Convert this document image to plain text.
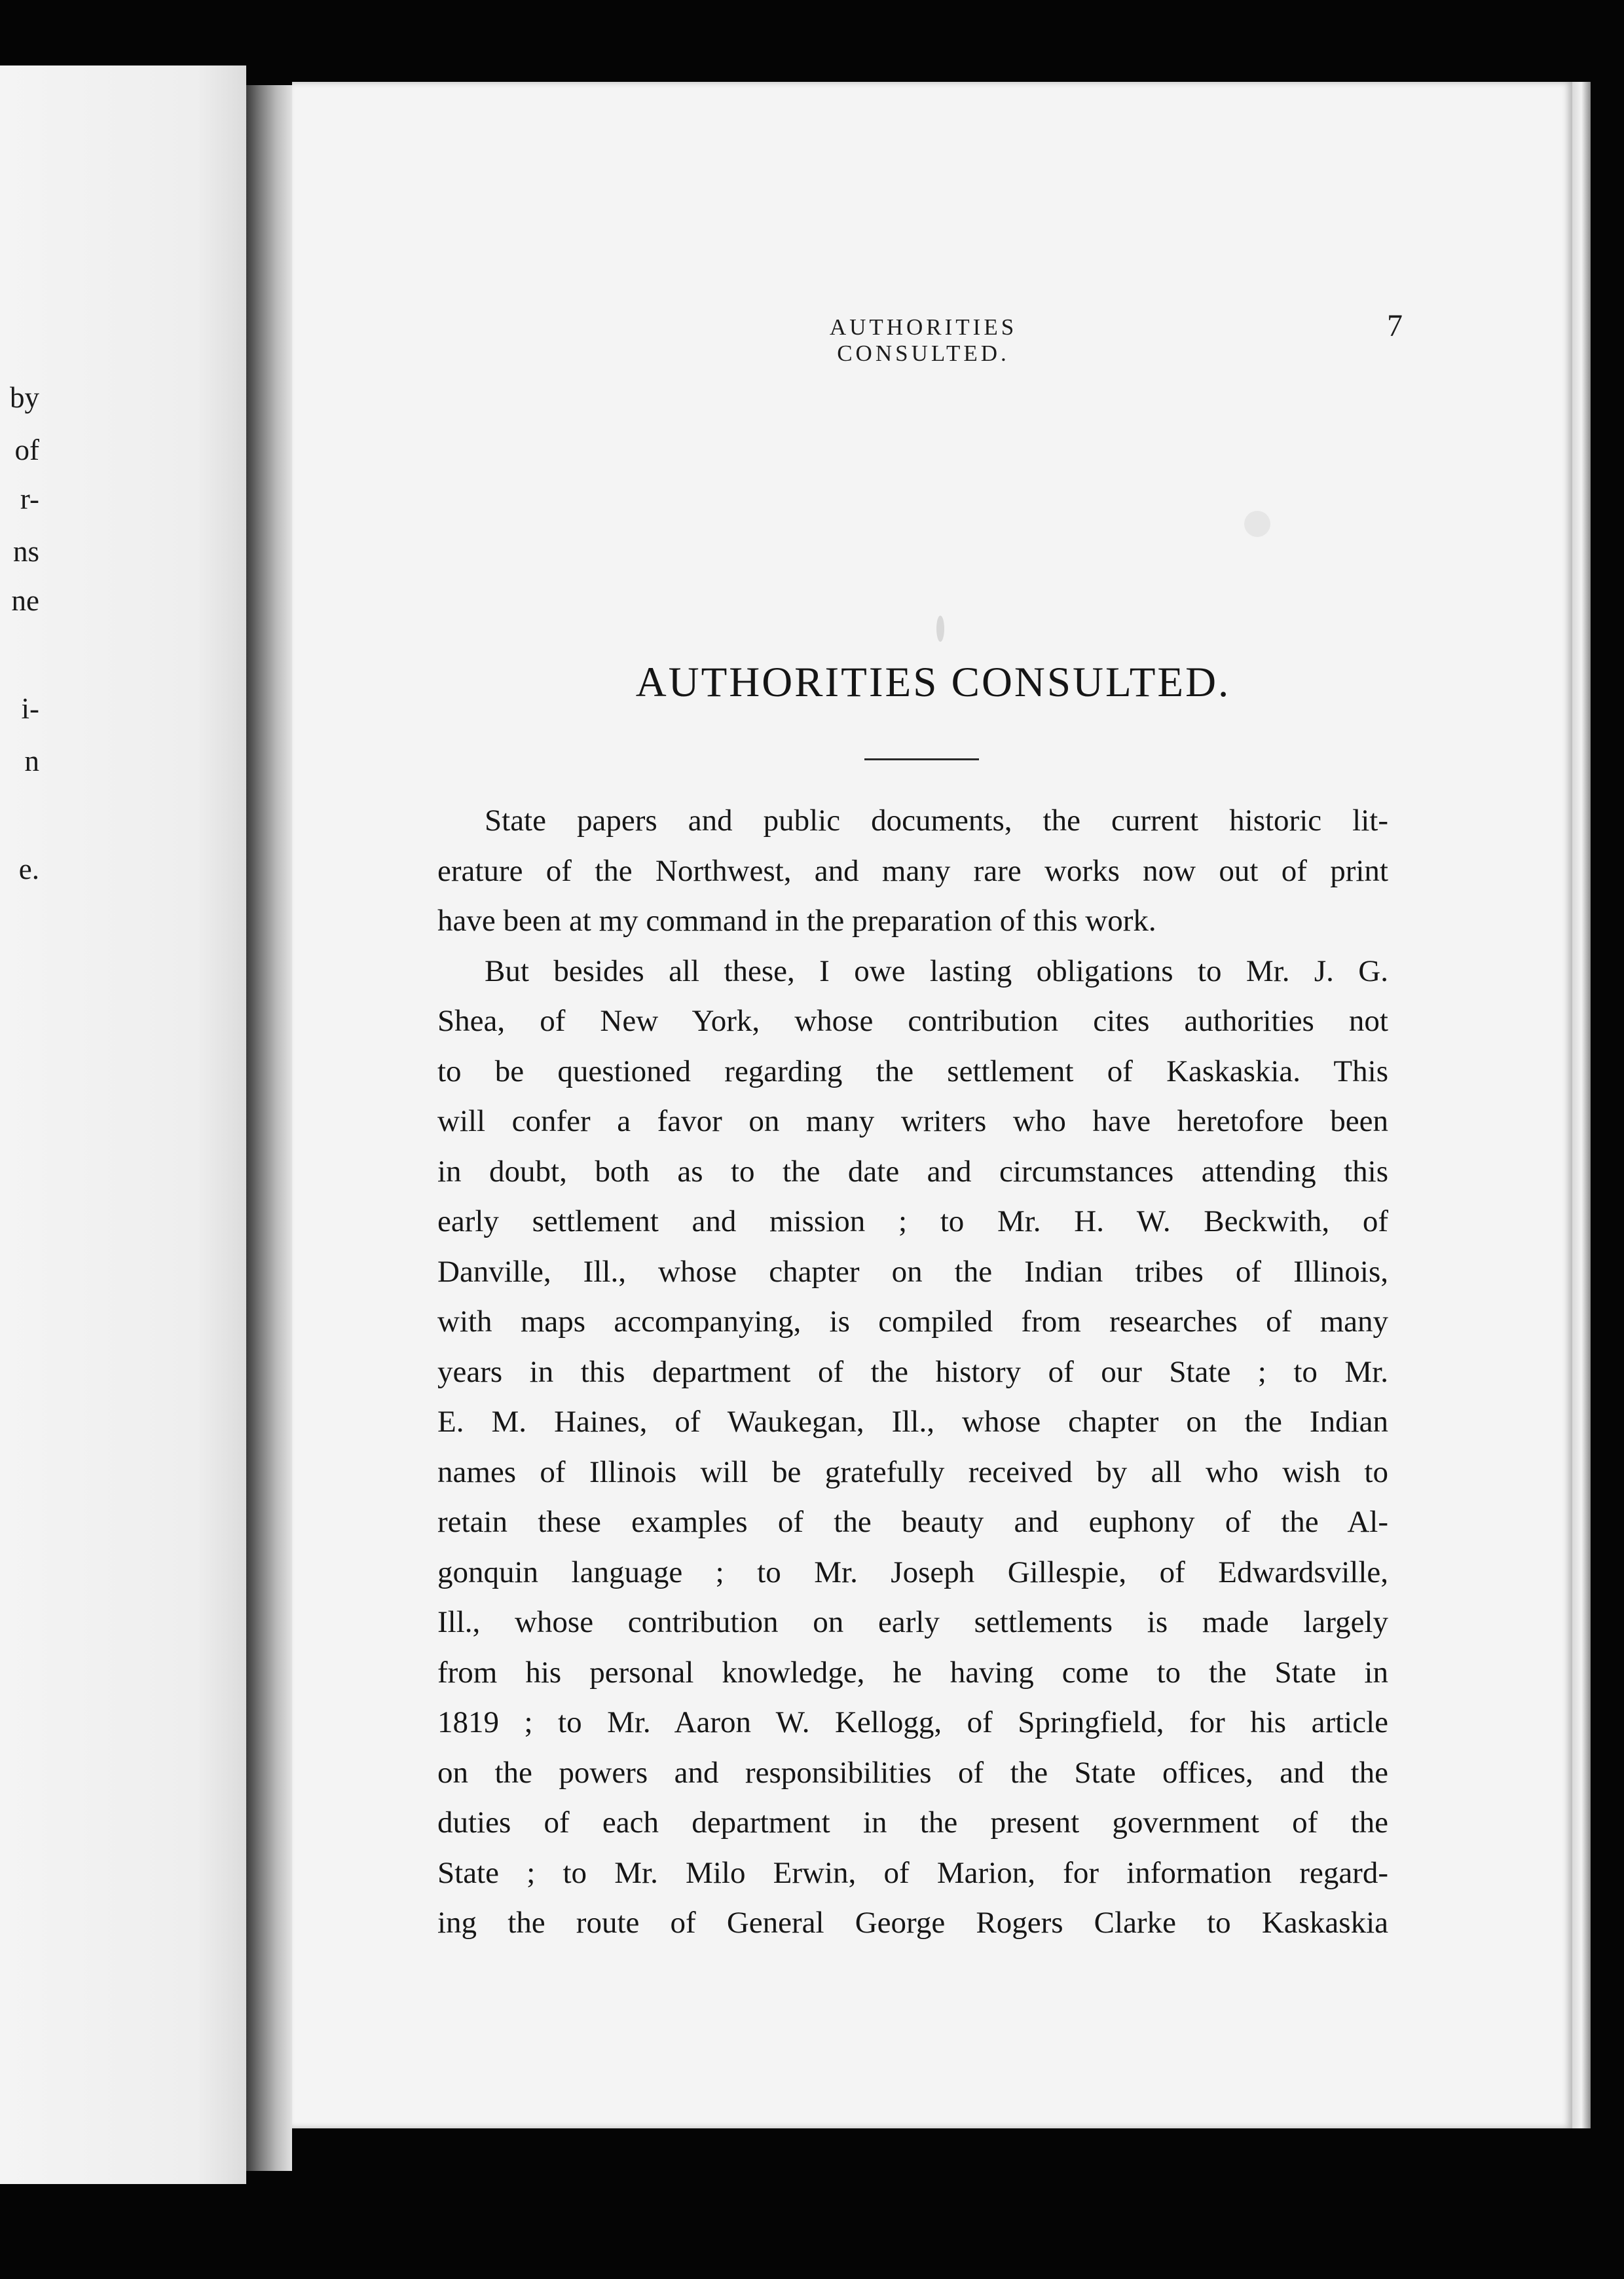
by
of
r-
ns
ne
i-
n
e.
AUTHORITIES CONSULTED.
7
AUTHORITIES CONSULTED.
State papers and public documents, the current historic lit-
erature of the Northwest, and many rare works now out of print
have been at my command in the preparation of this work.
But besides all these, I owe lasting obligations to Mr. J. G.
Shea, of New York, whose contribution cites authorities not
to be questioned regarding the settlement of Kaskaskia. This
will confer a favor on many writers who have heretofore been
in doubt, both as to the date and circumstances attending this
early settlement and mission ; to Mr. H. W. Beckwith, of
Danville, Ill., whose chapter on the Indian tribes of Illinois,
with maps accompanying, is compiled from researches of many
years in this department of the history of our State ; to Mr.
E. M. Haines, of Waukegan, Ill., whose chapter on the Indian
names of Illinois will be gratefully received by all who wish to
retain these examples of the beauty and euphony of the Al-
gonquin language ; to Mr. Joseph Gillespie, of Edwardsville,
Ill., whose contribution on early settlements is made largely
from his personal knowledge, he having come to the State in
1819 ; to Mr. Aaron W. Kellogg, of Springfield, for his article
on the powers and responsibilities of the State offices, and the
duties of each department in the present government of the
State ; to Mr. Milo Erwin, of Marion, for information regard-
ing the route of General George Rogers Clarke to Kaskaskia
